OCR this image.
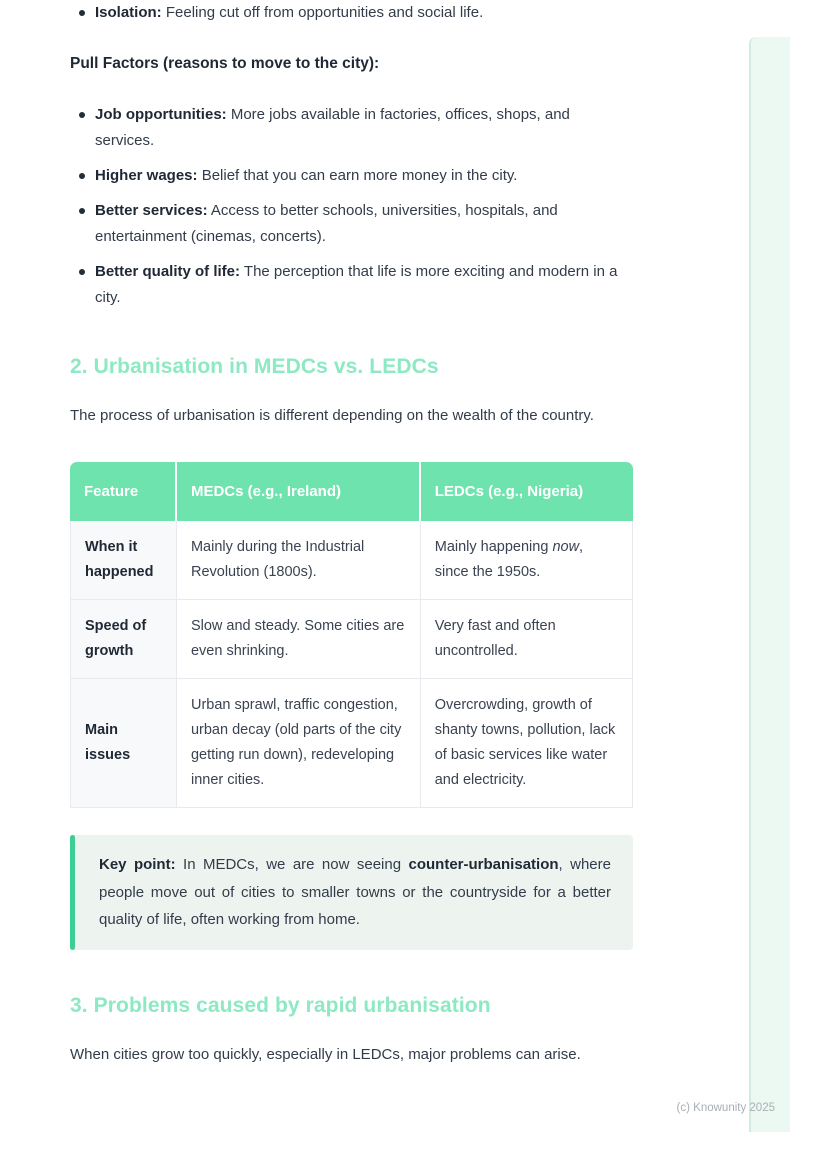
Isolation: Feeling cut off from opportunities and social life.

Pull Factors (reasons to move to the city):

Job opportunities: More jobs available in factories, offices, shops, and services.
Higher wages: Belief that you can earn more money in the city.
Better services: Access to better schools, universities, hospitals, and entertainment (cinemas, concerts).
Better quality of life: The perception that life is more exciting and modern in a city.
2. Urbanisation in MEDCs vs. LEDCs

The process of urbanisation is different depending on the wealth of the country.

Feature	MEDCs (e.g., Ireland)	LEDCs (e.g., Nigeria)
When it happened	Mainly during the Industrial Revolution (1800s).	Mainly happening now, since the 1950s.
Speed of growth	Slow and steady. Some cities are even shrinking.	Very fast and often uncontrolled.
Main issues	Urban sprawl, traffic congestion, urban decay (old parts of the city getting run down), redeveloping inner cities.	Overcrowding, growth of shanty towns, pollution, lack of basic services like water and electricity.
Key point: In MEDCs, we are now seeing counter-urbanisation, where people move out of cities to smaller towns or the countryside for a better quality of life, often working from home.
3. Problems caused by rapid urbanisation

When cities grow too quickly, especially in LEDCs, major problems can arise.

(c) Knowunity 2025
